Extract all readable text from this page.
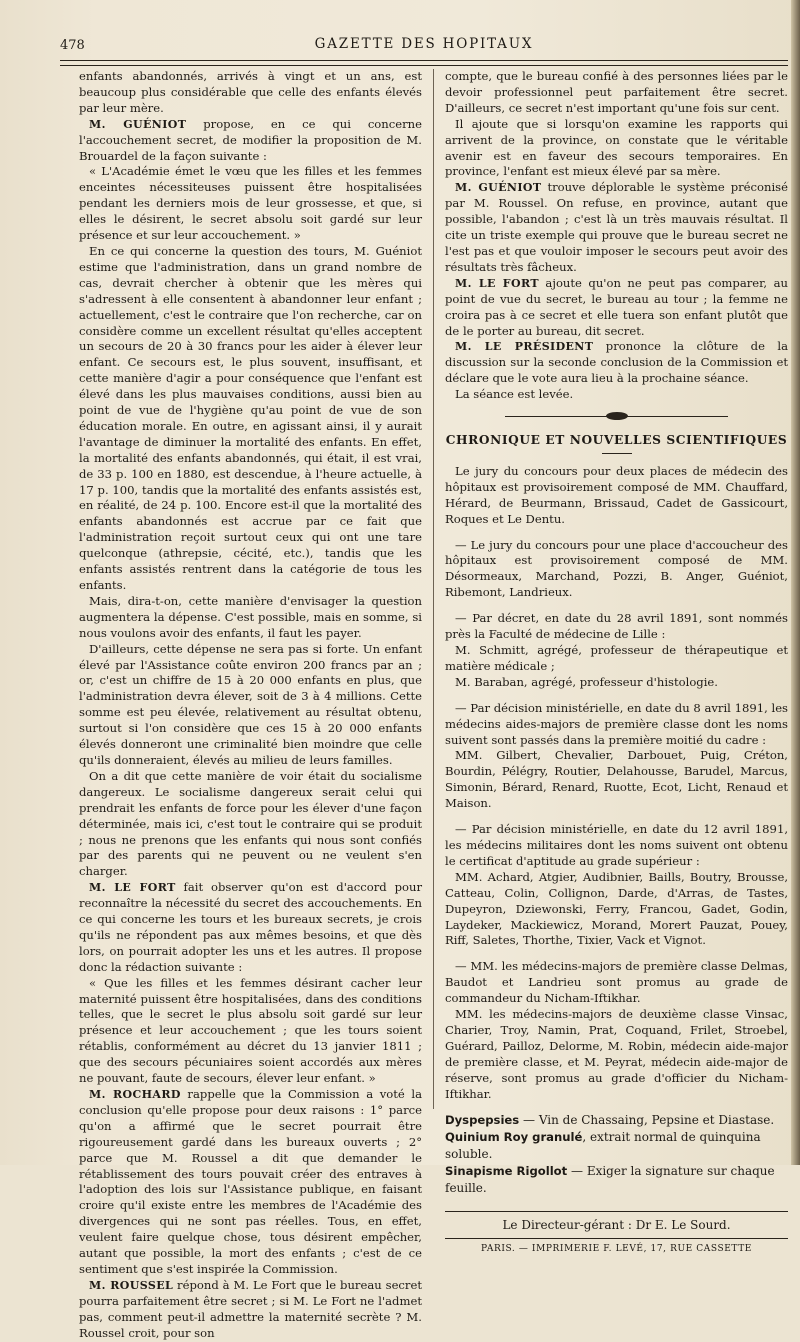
478	GAZETTE DES HOPITAUX

enfants abandonnés, arrivés à vingt et un ans, est beaucoup plus considérable que celle des enfants élevés par leur mère.

M. GUÉNIOT propose, en ce qui concerne l'accouchement secret, de modifier la proposition de M. Brouardel de la façon suivante :

« L'Académie émet le vœu que les filles et les femmes enceintes nécessiteuses puissent être hospitalisées pendant les derniers mois de leur grossesse, et que, si elles le désirent, le secret absolu soit gardé sur leur présence et sur leur accouchement. »

En ce qui concerne la question des tours, M. Guéniot estime que l'administration, dans un grand nombre de cas, devrait chercher à obtenir que les mères qui s'adressent à elle consentent à abandonner leur enfant ; actuellement, c'est le contraire que l'on recherche, car on considère comme un excellent résultat qu'elles acceptent un secours de 20 à 30 francs pour les aider à élever leur enfant. Ce secours est, le plus souvent, insuffisant, et cette manière d'agir a pour conséquence que l'enfant est élevé dans les plus mauvaises conditions, aussi bien au point de vue de l'hygiène qu'au point de vue de son éducation morale. En outre, en agissant ainsi, il y aurait l'avantage de diminuer la mortalité des enfants. En effet, la mortalité des enfants abandonnés, qui était, il est vrai, de 33 p. 100 en 1880, est descendue, à l'heure actuelle, à 17 p. 100, tandis que la mortalité des enfants assistés est, en réalité, de 24 p. 100. Encore est-il que la mortalité des enfants abandonnés est accrue par ce fait que l'administration reçoit surtout ceux qui ont une tare quelconque (athrepsie, cécité, etc.), tandis que les enfants assistés rentrent dans la catégorie de tous les enfants.

Mais, dira-t-on, cette manière d'envisager la question augmentera la dépense. C'est possible, mais en somme, si nous voulons avoir des enfants, il faut les payer.

D'ailleurs, cette dépense ne sera pas si forte. Un enfant élevé par l'Assistance coûte environ 200 francs par an ; or, c'est un chiffre de 15 à 20 000 enfants en plus, que l'administration devra élever, soit de 3 à 4 millions. Cette somme est peu élevée, relativement au résultat obtenu, surtout si l'on considère que ces 15 à 20 000 enfants élevés donneront une criminalité bien moindre que celle qu'ils donneraient, élevés au milieu de leurs familles.

On a dit que cette manière de voir était du socialisme dangereux. Le socialisme dangereux serait celui qui prendrait les enfants de force pour les élever d'une façon déterminée, mais ici, c'est tout le contraire qui se produit ; nous ne prenons que les enfants qui nous sont confiés par des parents qui ne peuvent ou ne veulent s'en charger.

M. LE FORT fait observer qu'on est d'accord pour reconnaître la nécessité du secret des accouchements. En ce qui concerne les tours et les bureaux secrets, je crois qu'ils ne répondent pas aux mêmes besoins, et que dès lors, on pourrait adopter les uns et les autres. Il propose donc la rédaction suivante :

« Que les filles et les femmes désirant cacher leur maternité puissent être hospitalisées, dans des conditions telles, que le secret le plus absolu soit gardé sur leur présence et leur accouchement ; que les tours soient rétablis, conformément au décret du 13 janvier 1811 ; que des secours pécuniaires soient accordés aux mères ne pouvant, faute de secours, élever leur enfant. »

M. ROCHARD rappelle que la Commission a voté la conclusion qu'elle propose pour deux raisons : 1° parce qu'on a affirmé que le secret pourrait être rigoureusement gardé dans les bureaux ouverts ; 2° parce que M. Roussel a dit que demander le rétablissement des tours pouvait créer des entraves à l'adoption des lois sur l'Assistance publique, en faisant croire qu'il existe entre les membres de l'Académie des divergences qui ne sont pas réelles. Tous, en effet, veulent faire quelque chose, tous désirent empêcher, autant que possible, la mort des enfants ; c'est de ce sentiment que s'est inspirée la Commission.

M. ROUSSEL répond à M. Le Fort que le bureau secret pourra parfaitement être secret ; si M. Le Fort ne l'admet pas, comment peut-il admettre la maternité secrète ? M. Roussel croit, pour son

compte, que le bureau confié à des personnes liées par le devoir professionnel peut parfaitement être secret. D'ailleurs, ce secret n'est important qu'une fois sur cent.

Il ajoute que si lorsqu'on examine les rapports qui arrivent de la province, on constate que le véritable avenir est en faveur des secours temporaires. En province, l'enfant est mieux élevé par sa mère.

M. GUÉNIOT trouve déplorable le système préconisé par M. Roussel. On refuse, en province, autant que possible, l'abandon ; c'est là un très mauvais résultat. Il cite un triste exemple qui prouve que le bureau secret ne l'est pas et que vouloir imposer le secours peut avoir des résultats très fâcheux.

M. LE FORT ajoute qu'on ne peut pas comparer, au point de vue du secret, le bureau au tour ; la femme ne croira pas à ce secret et elle tuera son enfant plutôt que de le porter au bureau, dit secret.

M. LE PRÉSIDENT prononce la clôture de la discussion sur la seconde conclusion de la Commission et déclare que le vote aura lieu à la prochaine séance.

La séance est levée.

CHRONIQUE ET NOUVELLES SCIENTIFIQUES

Le jury du concours pour deux places de médecin des hôpitaux est provisoirement composé de MM. Chauffard, Hérard, de Beurmann, Brissaud, Cadet de Gassicourt, Roques et Le Dentu.

— Le jury du concours pour une place d'accoucheur des hôpitaux est provisoirement composé de MM. Désormeaux, Marchand, Pozzi, B. Anger, Guéniot, Ribemont, Landrieux.

— Par décret, en date du 28 avril 1891, sont nommés près la Faculté de médecine de Lille :

M. Schmitt, agrégé, professeur de thérapeutique et matière médicale ;

M. Baraban, agrégé, professeur d'histologie.

— Par décision ministérielle, en date du 8 avril 1891, les médecins aides-majors de première classe dont les noms suivent sont passés dans la première moitié du cadre :

MM. Gilbert, Chevalier, Darbouet, Puig, Créton, Bourdin, Pélégry, Routier, Delahousse, Barudel, Marcus, Simonin, Bérard, Renard, Ruotte, Ecot, Licht, Renaud et Maison.

— Par décision ministérielle, en date du 12 avril 1891, les médecins militaires dont les noms suivent ont obtenu le certificat d'aptitude au grade supérieur :

MM. Achard, Atgier, Audibnier, Baills, Boutry, Brousse, Catteau, Colin, Collignon, Darde, d'Arras, de Tastes, Dupeyron, Dziewonski, Ferry, Francou, Gadet, Godin, Laydeker, Mackiewicz, Morand, Morert Pauzat, Pouey, Riff, Saletes, Thorthe, Tixier, Vack et Vignot.

— MM. les médecins-majors de première classe Delmas, Baudot et Landrieu sont promus au grade de commandeur du Nicham-Iftikhar.

MM. les médecins-majors de deuxième classe Vinsac, Charier, Troy, Namin, Prat, Coquand, Frilet, Stroebel, Guérard, Pailloz, Delorme, M. Robin, médecin aide-major de première classe, et M. Peyrat, médecin aide-major de réserve, sont promus au grade d'officier du Nicham-Iftikhar.

Dyspepsies — Vin de Chassaing, Pepsine et Diastase.

Quinium Roy granulé, extrait normal de quinquina soluble.

Sinapisme Rigollot — Exiger la signature sur chaque feuille.

Le Directeur-gérant : Dr E. Le Sourd.

PARIS. — IMPRIMERIE F. LEVÉ, 17, RUE CASSETTE
